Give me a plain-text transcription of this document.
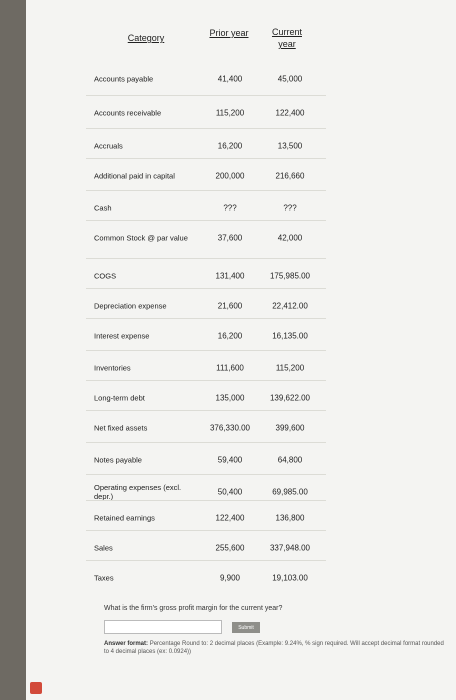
Category	Prior year	Current year
Accounts payable	41,400	45,000
Accounts receivable	115,200	122,400
Accruals	16,200	13,500
Additional paid in capital	200,000	216,660
Cash	???	???
Common Stock @ par value	37,600	42,000
COGS	131,400	175,985.00
Depreciation expense	21,600	22,412.00
Interest expense	16,200	16,135.00
Inventories	111,600	115,200
Long-term debt	135,000	139,622.00
Net fixed assets	376,330.00	399,600
Notes payable	59,400	64,800
Operating expenses (excl. depr.)	50,400	69,985.00
Retained earnings	122,400	136,800
Sales	255,600	337,948.00
Taxes	9,900	19,103.00
What is the firm's gross profit margin for the current year?
Submit
Answer format: Percentage Round to: 2 decimal places (Example: 9.24%, % sign required. Will accept decimal format rounded to 4 decimal places (ex: 0.0924))
